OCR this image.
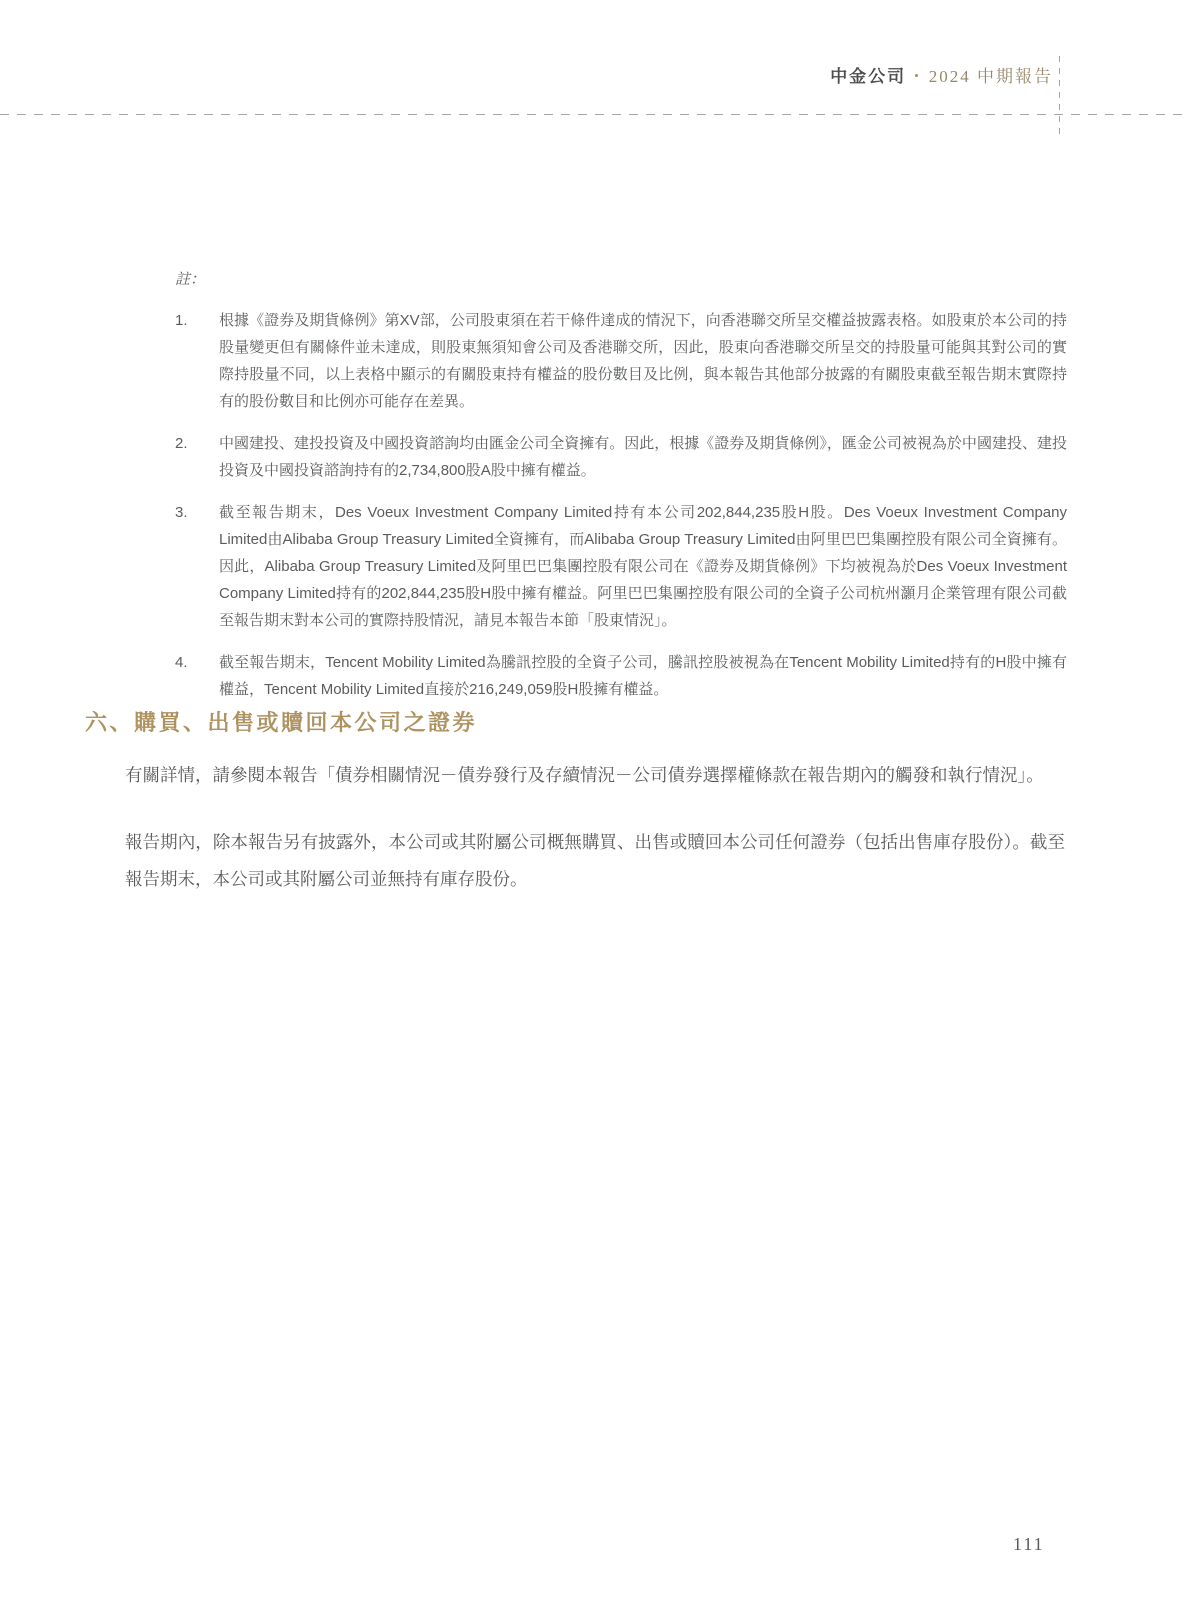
中金公司 • 2024 中期報告
註：
1.	根據《證券及期貨條例》第XV部，公司股東須在若干條件達成的情況下，向香港聯交所呈交權益披露表格。如股東於本公司的持股量變更但有關條件並未達成，則股東無須知會公司及香港聯交所，因此，股東向香港聯交所呈交的持股量可能與其對公司的實際持股量不同，以上表格中顯示的有關股東持有權益的股份數目及比例，與本報告其他部分披露的有關股東截至報告期末實際持有的股份數目和比例亦可能存在差異。
2.	中國建投、建投投資及中國投資諮詢均由匯金公司全資擁有。因此，根據《證券及期貨條例》，匯金公司被視為於中國建投、建投投資及中國投資諮詢持有的2,734,800股A股中擁有權益。
3.	截至報告期末，Des Voeux Investment Company Limited持有本公司202,844,235股H股。Des Voeux Investment Company Limited由Alibaba Group Treasury Limited全資擁有，而Alibaba Group Treasury Limited由阿里巴巴集團控股有限公司全資擁有。因此，Alibaba Group Treasury Limited及阿里巴巴集團控股有限公司在《證券及期貨條例》下均被視為於Des Voeux Investment Company Limited持有的202,844,235股H股中擁有權益。阿里巴巴集團控股有限公司的全資子公司杭州灝月企業管理有限公司截至報告期末對本公司的實際持股情況，請見本報告本節「股東情況」。
4.	截至報告期末，Tencent Mobility Limited為騰訊控股的全資子公司，騰訊控股被視為在Tencent Mobility Limited持有的H股中擁有權益，Tencent Mobility Limited直接於216,249,059股H股擁有權益。
六、購買、出售或贖回本公司之證券

有關詳情，請參閱本報告「債券相關情況－債券發行及存續情況－公司債券選擇權條款在報告期內的觸發和執行情況」。

報告期內，除本報告另有披露外，本公司或其附屬公司概無購買、出售或贖回本公司任何證券（包括出售庫存股份）。截至報告期末，本公司或其附屬公司並無持有庫存股份。

111
